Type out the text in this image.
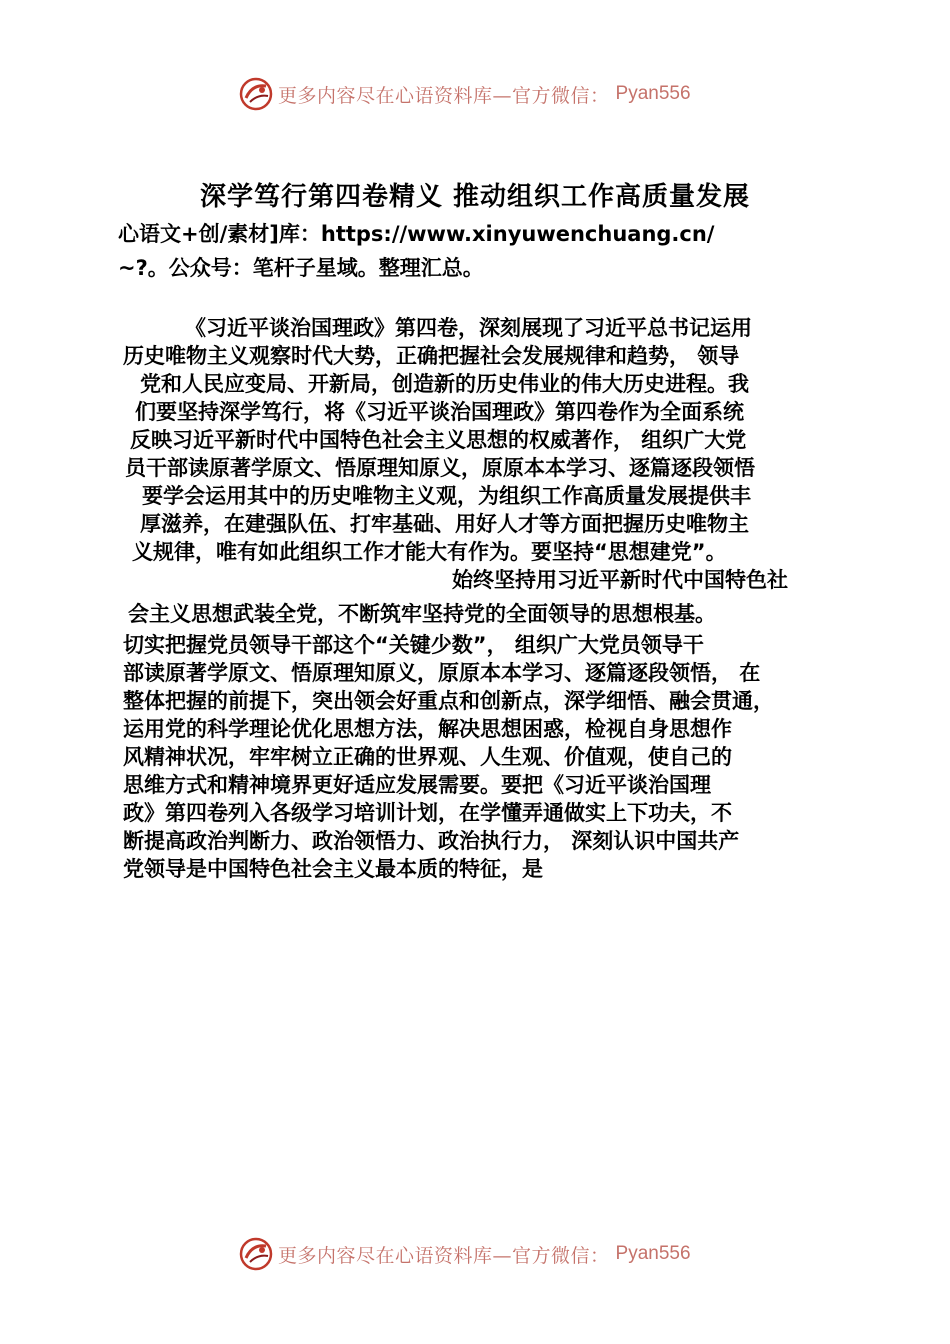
更多内容尽在心语资料库—官方微信： Pyan556
深学笃行第四卷精义 推动组织工作高质量发展
心语文+创/素材]库：https://www.xinyuwenchuang.cn/
~?。公众号：笔杆子星域。整理汇总。
《习近平谈治国理政》第四卷，深刻展现了习近平总书记运用
历史唯物主义观察时代大势，正确把握社会发展规律和趋势， 领导
党和人民应变局、开新局，创造新的历史伟业的伟大历史进程。我
们要坚持深学笃行，将《习近平谈治国理政》第四卷作为全面系统
反映习近平新时代中国特色社会主义思想的权威著作， 组织广大党
员干部读原著学原文、悟原理知原义，原原本本学习、逐篇逐段领悟
要学会运用其中的历史唯物主义观，为组织工作高质量发展提供丰
厚滋养，在建强队伍、打牢基础、用好人才等方面把握历史唯物主
义规律，唯有如此组织工作才能大有作为。要坚持“思想建党”。
始终坚持用习近平新时代中国特色社
会主义思想武装全党，不断筑牢坚持党的全面领导的思想根基。
切实把握党员领导干部这个“关键少数”， 组织广大党员领导干
部读原著学原文、悟原理知原义，原原本本学习、逐篇逐段领悟， 在
整体把握的前提下，突出领会好重点和创新点，深学细悟、融会贯通，
运用党的科学理论优化思想方法，解决思想困惑，检视自身思想作
风精神状况，牢牢树立正确的世界观、人生观、价值观，使自己的
思维方式和精神境界更好适应发展需要。要把《习近平谈治国理
政》第四卷列入各级学习培训计划，在学懂弄通做实上下功夫，不
断提高政治判断力、政治领悟力、政治执行力， 深刻认识中国共产
党领导是中国特色社会主义最本质的特征，是
更多内容尽在心语资料库—官方微信： Pyan556
